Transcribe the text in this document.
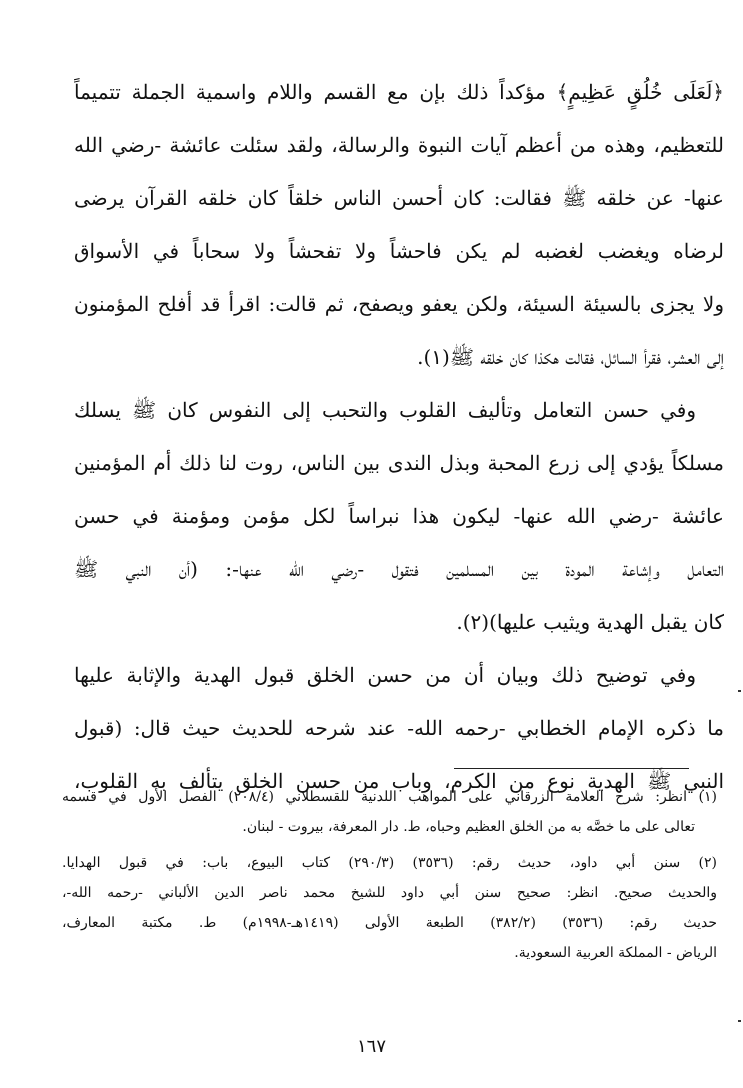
﴿لَعَلَى خُلُقٍ عَظِيمٍ﴾ مؤكداً ذلك بإن مع القسم واللام واسمية الجملة تتميماً
للتعظيم، وهذه من أعظم آيات النبوة والرسالة، ولقد سئلت عائشة -رضي الله
عنها- عن خلقه ﷺ فقالت: كان أحسن الناس خلقاً كان خلقه القرآن يرضى
لرضاه ويغضب لغضبه لم يكن فاحشاً ولا تفحشاً ولا سحاباً في الأسواق
ولا يجزى بالسيئة السيئة، ولكن يعفو ويصفح، ثم قالت: اقرأ قد أفلح المؤمنون
إلى العشر، فقرأ السائل، فقالت هكذا كان خلقه ﷺ(١).
وفي حسن التعامل وتأليف القلوب والتحبب إلى النفوس كان ﷺ يسلك
مسلكاً يؤدي إلى زرع المحبة وبذل الندى بين الناس، روت لنا ذلك أم المؤمنين
عائشة -رضي الله عنها- ليكون هذا نبراساً لكل مؤمن ومؤمنة في حسن
التعامل وإشاعة المودة بين المسلمين فتقول -رضي الله عنها-: (أن النبي ﷺ
كان يقبل الهدية ويثيب عليها)(٢).
وفي توضيح ذلك وبيان أن من حسن الخلق قبول الهدية والإثابة عليها
ما ذكره الإمام الخطابي -رحمه الله- عند شرحه للحديث حيث قال: (قبول
النبي ﷺ الهدية نوع من الكرم، وباب من حسن الخلق يتألف به القلوب،
(١) انظر: شرح العلامة الزرقاني على المواهب اللدنية للقسطلاني (٢٠٨/٤) الفصل الأول في قسمه
تعالى على ما خصَّه به من الخلق العظيم وحباه، ط. دار المعرفة، بيروت - لبنان.
(٢) سنن أبي داود، حديث رقم: (٣٥٣٦) (٢٩٠/٣) كتاب البيوع، باب: في قبول الهدايا.
والحديث صحيح. انظر: صحيح سنن أبي داود للشيخ محمد ناصر الدين الألباني -رحمه الله-،
حديث رقم: (٣٥٣٦) (٣٨٢/٢) الطبعة الأولى (١٤١٩هـ-١٩٩٨م) ط. مكتبة المعارف،
الرياض - المملكة العربية السعودية.
١٦٧
